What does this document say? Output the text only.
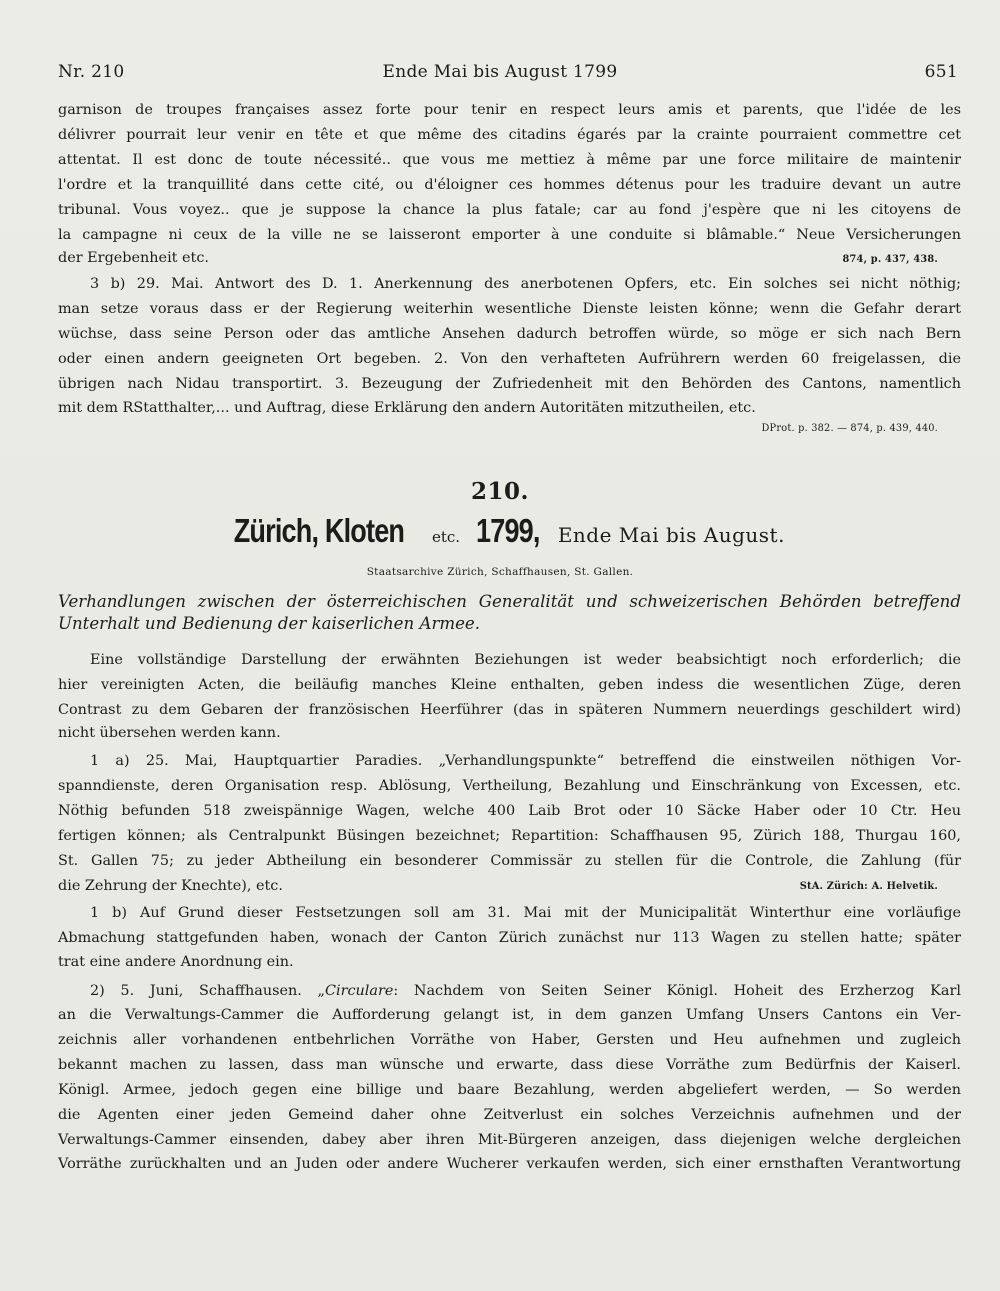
Nr. 210	Ende Mai bis August 1799	651
garnison de troupes françaises assez forte pour tenir en respect leurs amis et parents, que l'idée de les
délivrer pourrait leur venir en tête et que même des citadins égarés par la crainte pourraient commettre cet
attentat. Il est donc de toute nécessité.. que vous me mettiez à même par une force militaire de maintenir
l'ordre et la tranquillité dans cette cité, ou d'éloigner ces hommes détenus pour les traduire devant un autre
tribunal. Vous voyez.. que je suppose la chance la plus fatale; car au fond j'espère que ni les citoyens de
la campagne ni ceux de la ville ne se laisseront emporter à une conduite si blâmable.“ Neue Versicherungen
der Ergebenheit etc.	874, p. 437, 438.
3 b) 29. Mai. Antwort des D. 1. Anerkennung des anerbotenen Opfers, etc. Ein solches sei nicht nöthig;
man setze voraus dass er der Regierung weiterhin wesentliche Dienste leisten könne; wenn die Gefahr derart
wüchse, dass seine Person oder das amtliche Ansehen dadurch betroffen würde, so möge er sich nach Bern
oder einen andern geeigneten Ort begeben. 2. Von den verhafteten Aufrührern werden 60 freigelassen, die
übrigen nach Nidau transportirt. 3. Bezeugung der Zufriedenheit mit den Behörden des Cantons, namentlich
mit dem RStatthalter,... und Auftrag, diese Erklärung den andern Autoritäten mitzutheilen, etc.
DProt. p. 382. — 874, p. 439, 440.
210.
Zürich, Kloten etc. 1799, Ende Mai bis August.
Staatsarchive Zürich, Schaffhausen, St. Gallen.
Verhandlungen zwischen der österreichischen Generalität und schweizerischen Behörden betreffend
Unterhalt und Bedienung der kaiserlichen Armee.
Eine vollständige Darstellung der erwähnten Beziehungen ist weder beabsichtigt noch erforderlich; die
hier vereinigten Acten, die beiläufig manches Kleine enthalten, geben indess die wesentlichen Züge, deren
Contrast zu dem Gebaren der französischen Heerführer (das in späteren Nummern neuerdings geschildert wird)
nicht übersehen werden kann.
1 a) 25. Mai, Hauptquartier Paradies. „Verhandlungspunkte“ betreffend die einstweilen nöthigen Vor-
spanndienste, deren Organisation resp. Ablösung, Vertheilung, Bezahlung und Einschränkung von Excessen, etc.
Nöthig befunden 518 zweispännige Wagen, welche 400 Laib Brot oder 10 Säcke Haber oder 10 Ctr. Heu
fertigen können; als Centralpunkt Büsingen bezeichnet; Repartition: Schaffhausen 95, Zürich 188, Thurgau 160,
St. Gallen 75; zu jeder Abtheilung ein besonderer Commissär zu stellen für die Controle, die Zahlung (für
die Zehrung der Knechte), etc.	StA. Zürich: A. Helvetik.
1 b) Auf Grund dieser Festsetzungen soll am 31. Mai mit der Municipalität Winterthur eine vorläufige
Abmachung stattgefunden haben, wonach der Canton Zürich zunächst nur 113 Wagen zu stellen hatte; später
trat eine andere Anordnung ein.
2) 5. Juni, Schaffhausen. „Circulare: Nachdem von Seiten Seiner Königl. Hoheit des Erzherzog Karl
an die Verwaltungs-Cammer die Aufforderung gelangt ist, in dem ganzen Umfang Unsers Cantons ein Ver-
zeichnis aller vorhandenen entbehrlichen Vorräthe von Haber, Gersten und Heu aufnehmen und zugleich
bekannt machen zu lassen, dass man wünsche und erwarte, dass diese Vorräthe zum Bedürfnis der Kaiserl.
Königl. Armee, jedoch gegen eine billige und baare Bezahlung, werden abgeliefert werden, — So werden
die Agenten einer jeden Gemeind daher ohne Zeitverlust ein solches Verzeichnis aufnehmen und der
Verwaltungs-Cammer einsenden, dabey aber ihren Mit-Bürgeren anzeigen, dass diejenigen welche dergleichen
Vorräthe zurückhalten und an Juden oder andere Wucherer verkaufen werden, sich einer ernsthaften Verantwortung
